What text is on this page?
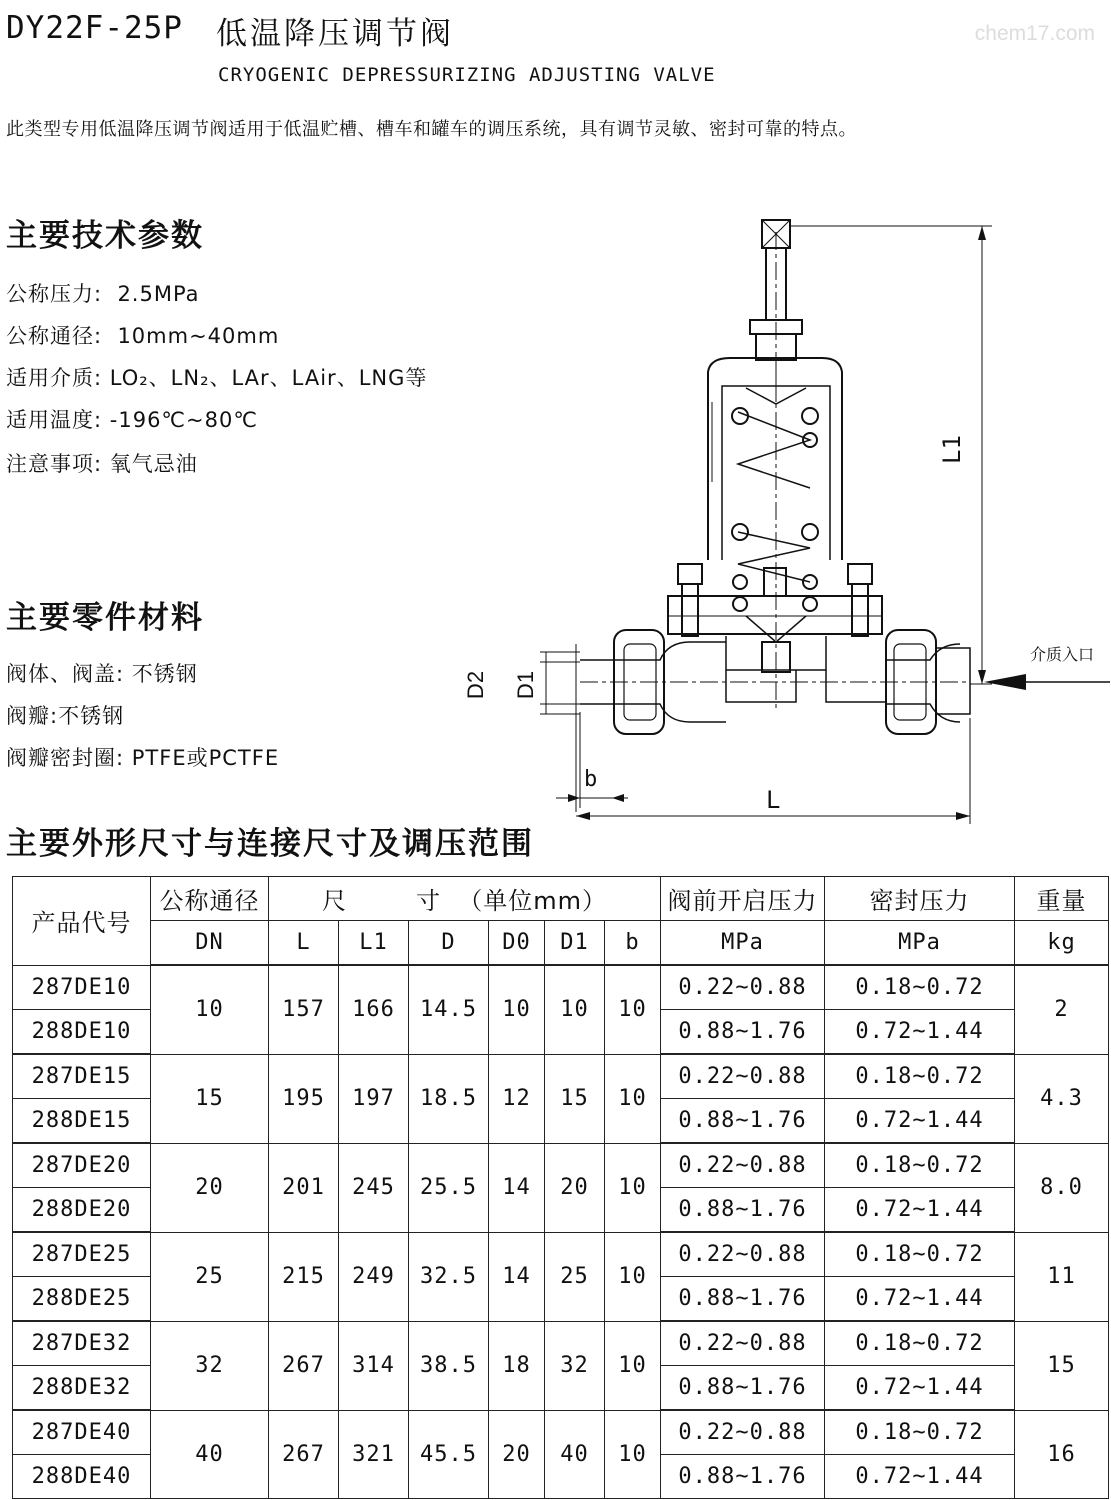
DY22F-25P 低温降压调节阀
CRYOGENIC DEPRESSURIZING ADJUSTING VALVE
chem17.com
此类型专用低温降压调节阀适用于低温贮槽、槽车和罐车的调压系统，具有调节灵敏、密封可靠的特点。
主要技术参数
公称压力: 2.5MPa
公称通径: 10mm~40mm
适用介质: LO₂、LN₂、LAr、LAir、LNG等
适用温度: -196℃~80℃
注意事项: 氧气忌油
主要零件材料
阀体、阀盖: 不锈钢
阀瓣:不锈钢
阀瓣密封圈: PTFE或PCTFE
L1
L
b
介质入口
D2 D1
主要外形尺寸与连接尺寸及调压范围
产品代号	公称通径	尺        寸  （单位mm）						阀前开启压力	密封压力	重量
	DN	L	L1	D	D0	D1	b	MPa	MPa	kg
287DE10	10	157	166	14.5	10	10	10	0.22~0.88	0.18~0.72	2
288DE10								0.88~1.76	0.72~1.44	
287DE15	15	195	197	18.5	12	15	10	0.22~0.88	0.18~0.72	4.3
288DE15								0.88~1.76	0.72~1.44	
287DE20	20	201	245	25.5	14	20	10	0.22~0.88	0.18~0.72	8.0
288DE20								0.88~1.76	0.72~1.44	
287DE25	25	215	249	32.5	14	25	10	0.22~0.88	0.18~0.72	11
288DE25								0.88~1.76	0.72~1.44	
287DE32	32	267	314	38.5	18	32	10	0.22~0.88	0.18~0.72	15
288DE32								0.88~1.76	0.72~1.44	
287DE40	40	267	321	45.5	20	40	10	0.22~0.88	0.18~0.72	16
288DE40								0.88~1.76	0.72~1.44	
